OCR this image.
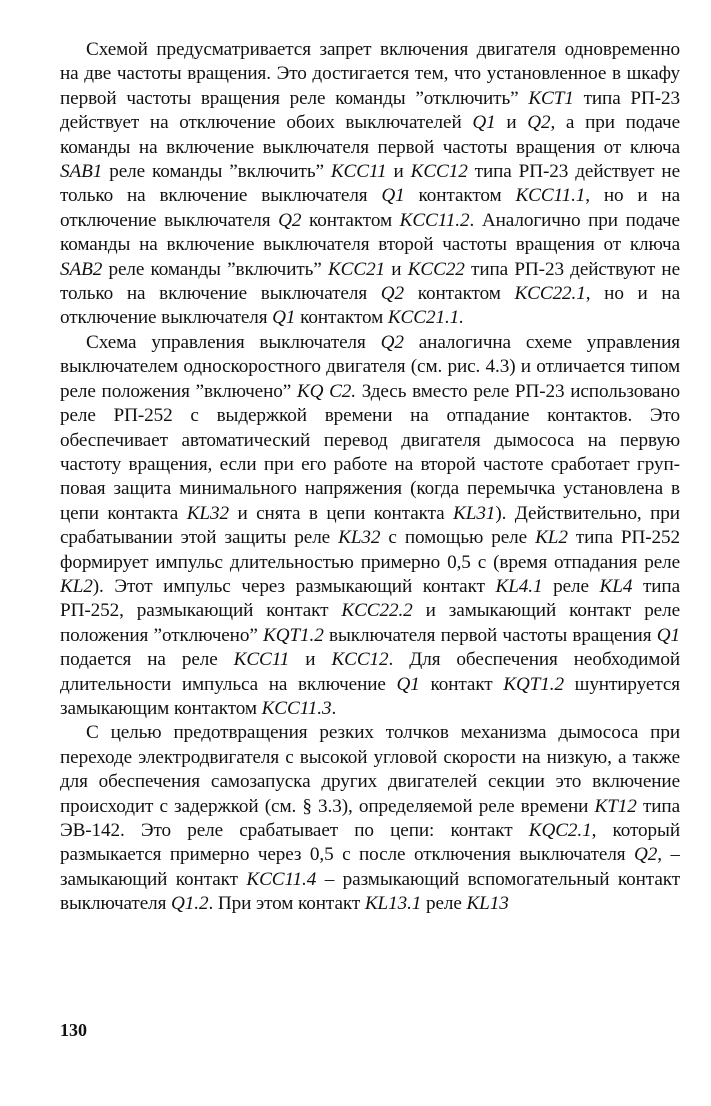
Схемой предусматривается запрет включения двигателя одновременно на две частоты вращения. Это достигается тем, что установленное в шкафу первой частоты вращения реле команды ”отключить” KCT1 типа РП-23 действует на отключение обоих выключателей Q1 и Q2, а при подаче команды на включение выключателя первой частоты вращения от ключа SAB1 реле команды ”включить” KCC11 и KCC12 типа РП-23 действует не только на включение выключателя Q1 контактом KCC11.1, но и на отключение выключателя Q2 контактом KCC11.2. Аналогично при подаче команды на включение выключателя второй частоты вращения от ключа SAB2 реле команды ”включить” KCC21 и KCC22 типа РП-23 действуют не только на включение выключателя Q2 контактом KCC22.1, но и на отключение выключателя Q1 контактом KCC21.1.

Схема управления выключателя Q2 аналогична схеме управления выключателем односкоростного двигателя (см. рис. 4.3) и отличается типом реле положения ”включено” KQ C2. Здесь вместо реле РП-23 использовано реле РП-252 с выдержкой времени на отпадание контактов. Это обеспечивает автоматический перевод двигателя дымососа на первую частоту вращения, если при его работе на второй частоте сработает групповая защита минимального напряжения (когда перемычка установлена в цепи контакта KL32 и снята в цепи контакта KL31). Действительно, при срабатывании этой защиты реле KL32 с помощью реле KL2 типа РП-252 формирует импульс длительностью примерно 0,5 с (время отпадания реле KL2). Этот импульс через размыкающий контакт KL4.1 реле KL4 типа РП-252, размыкающий контакт KCC22.2 и замыкающий контакт реле положения ”отключено” KQT1.2 выключателя первой частоты вращения Q1 подается на реле KCC11 и KCC12. Для обеспечения необходимой длительности импульса на включение Q1 контакт KQT1.2 шунтируется замыкающим контактом KCC11.3.

С целью предотвращения резких толчков механизма дымососа при переходе электродвигателя с высокой угловой скорости на низкую, а также для обеспечения самозапуска других двигателей секции это включение происходит с задержкой (см. § 3.3), определяемой реле времени KT12 типа ЭВ-142. Это реле срабатывает по цепи: контакт KQC2.1, который размыкается примерно через 0,5 с после отключения выключателя Q2, – замыкающий контакт KCC11.4 – размыкающий вспомогательный контакт выключателя Q1.2. При этом контакт KL13.1 реле KL13

130
